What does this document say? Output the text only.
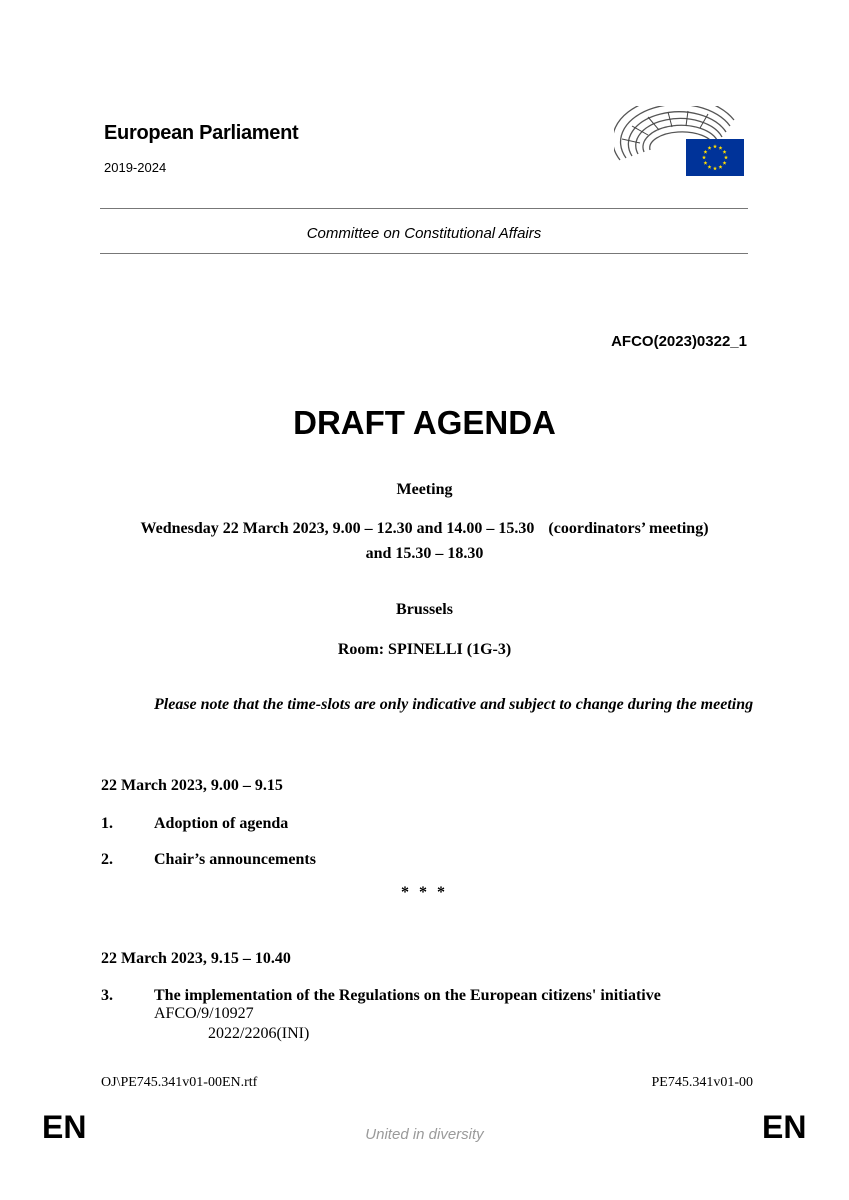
European Parliament
2019-2024
Committee on Constitutional Affairs
AFCO(2023)0322_1
DRAFT AGENDA
Meeting
Wednesday 22 March 2023, 9.00 – 12.30 and 14.00 – 15.30 (coordinators’ meeting)
and 15.30 – 18.30
Brussels
Room: SPINELLI (1G-3)
Please note that the time-slots are only indicative and subject to change during the meeting
22 March 2023, 9.00 – 9.15
1.	Adoption of agenda
2.	Chair’s announcements
* * *
22 March 2023, 9.15 – 10.40
3.	The implementation of the Regulations on the European citizens' initiative
AFCO/9/10927
2022/2206(INI)
OJ\PE745.341v01-00EN.rtf	PE745.341v01-00
EN	United in diversity	EN
